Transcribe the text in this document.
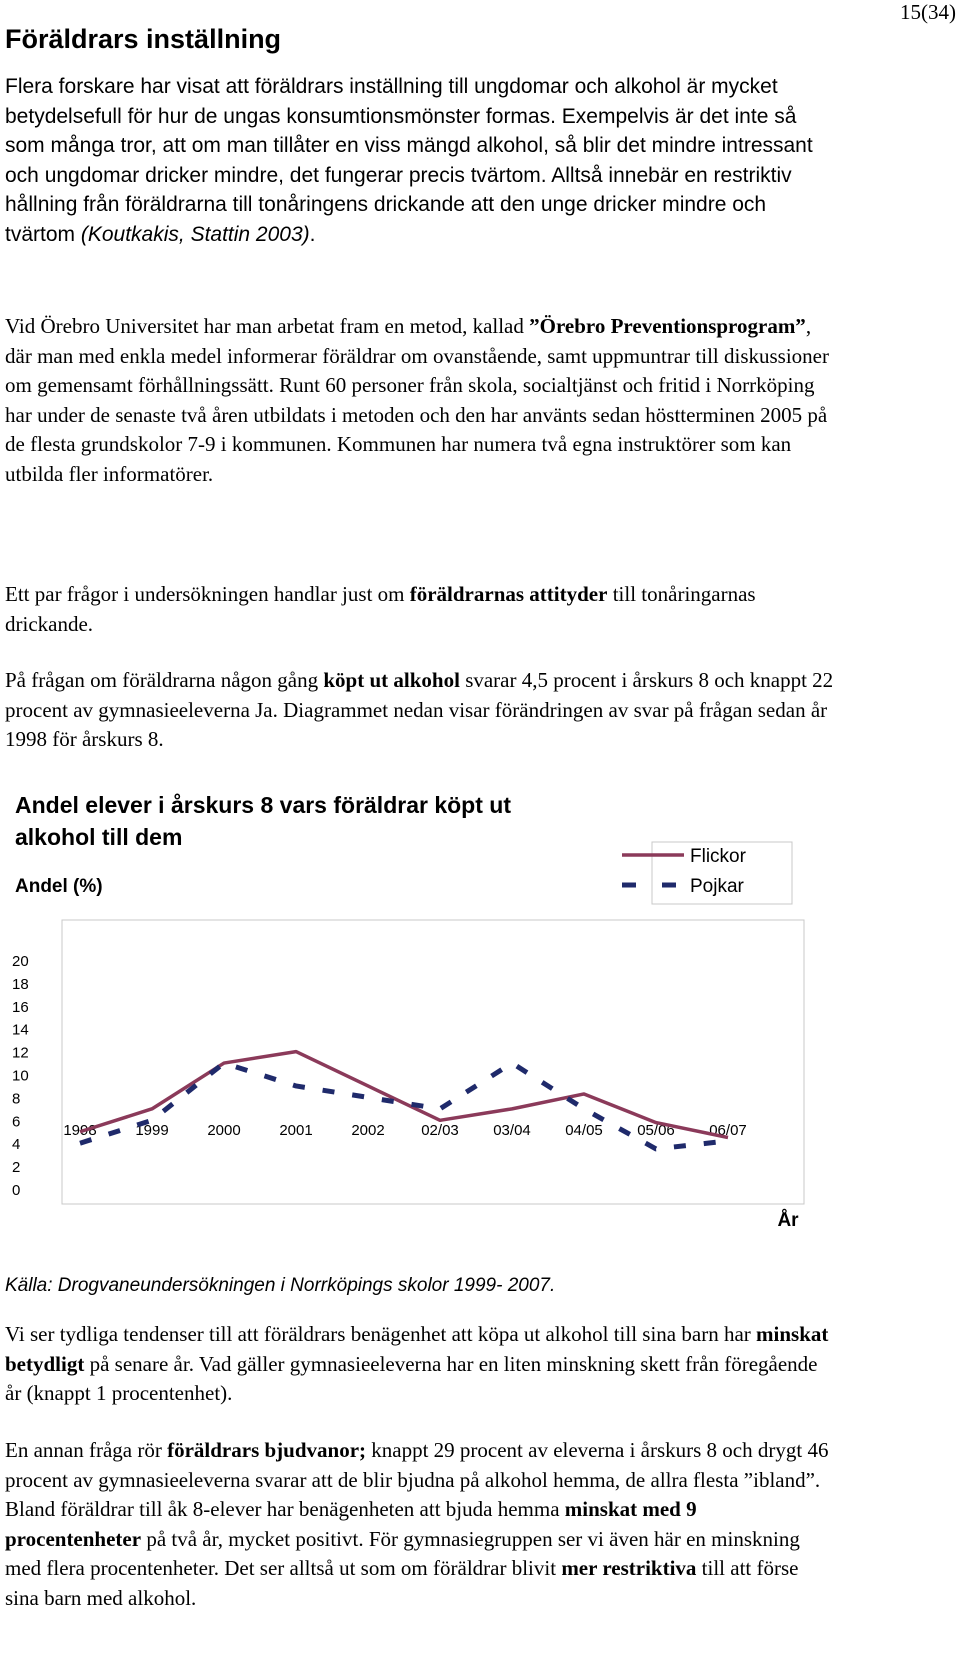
15(34)
Föräldrars inställning

Flera forskare har visat att föräldrars inställning till ungdomar och alkohol är mycket betydelsefull för hur de ungas konsumtionsmönster formas. Exempelvis är det inte så som många tror, att om man tillåter en viss mängd alkohol, så blir det mindre intressant och ungdomar dricker mindre, det fungerar precis tvärtom. Alltså innebär en restriktiv hållning från föräldrarna till tonåringens drickande att den unge dricker mindre och tvärtom (Koutkakis, Stattin 2003).

Vid Örebro Universitet har man arbetat fram en metod, kallad ”Örebro Preventionsprogram”, där man med enkla medel informerar föräldrar om ovanstående, samt uppmuntrar till diskussioner om gemensamt förhållningssätt. Runt 60 personer från skola, socialtjänst och fritid i Norrköping har under de senaste två åren utbildats i metoden och den har använts sedan höstterminen 2005 på de flesta grundskolor 7-9 i kommunen. Kommunen har numera två egna instruktörer som kan utbilda fler informatörer.

Ett par frågor i undersökningen handlar just om föräldrarnas attityder till tonåringarnas drickande.

På frågan om föräldrarna någon gång köpt ut alkohol svarar 4,5 procent i årskurs 8 och knappt 22 procent av gymnasieeleverna Ja. Diagrammet nedan visar förändringen av svar på frågan sedan år 1998 för årskurs 8.

Andel elever i årskurs 8 vars föräldrar köpt ut
alkohol till dem
Andel (%)
Flickor
Pojkar
20
18
16
14
12
10
8
6
4
2
0
1998	1999	2000	2001	2002 02/03 03/04 04/05 05/06 06/07
År
Källa: Drogvaneundersökningen i Norrköpings skolor 1999- 2007.

Vi ser tydliga tendenser till att föräldrars benägenhet att köpa ut alkohol till sina barn har minskat betydligt på senare år. Vad gäller gymnasieeleverna har en liten minskning skett från föregående år (knappt 1 procentenhet).

En annan fråga rör föräldrars bjudvanor; knappt 29 procent av eleverna i årskurs 8 och drygt 46 procent av gymnasieeleverna svarar att de blir bjudna på alkohol hemma, de allra flesta ”ibland”. Bland föräldrar till åk 8-elever har benägenheten att bjuda hemma minskat med 9 procentenheter på två år, mycket positivt. För gymnasiegruppen ser vi även här en minskning med flera procentenheter. Det ser alltså ut som om föräldrar blivit mer restriktiva till att förse sina barn med alkohol.
